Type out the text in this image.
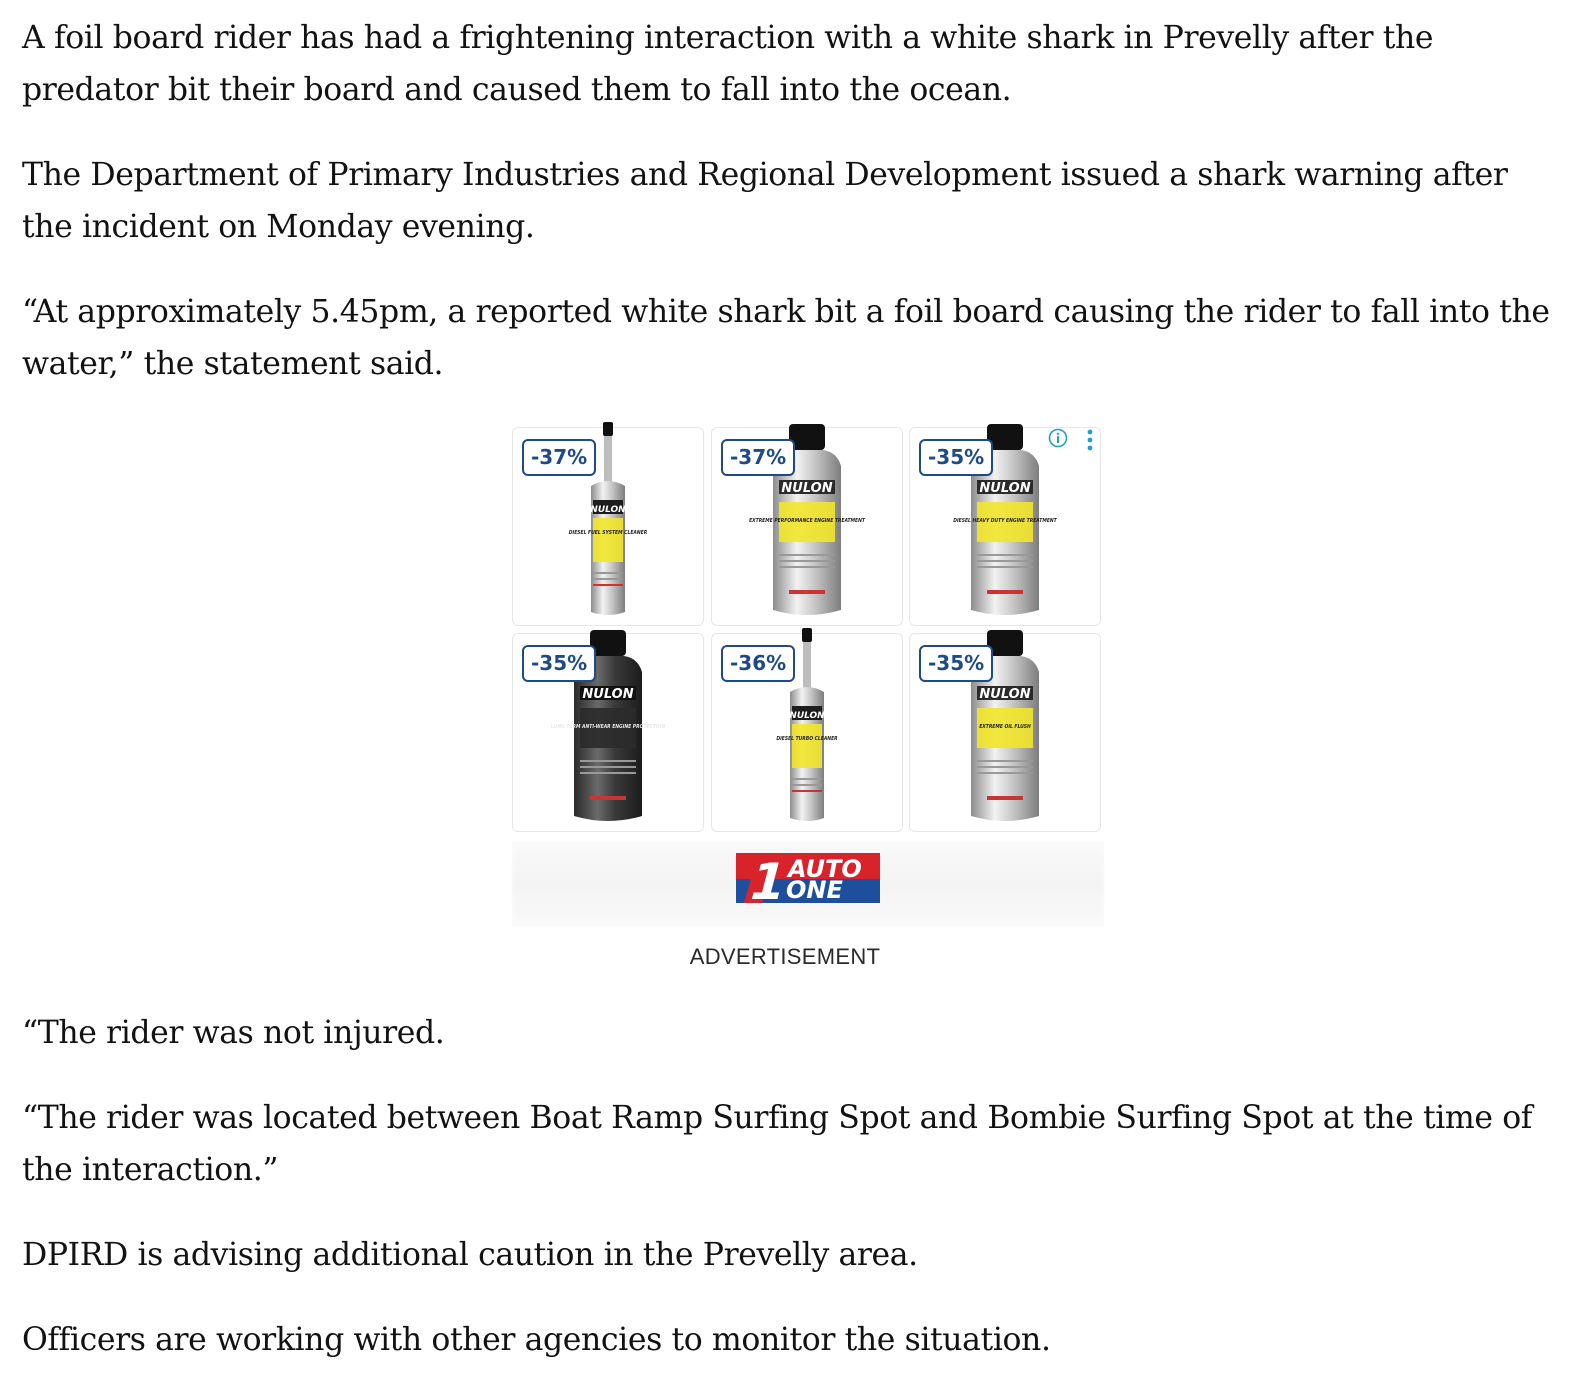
A foil board rider has had a frightening interaction with a white shark in Prevelly after the predator bit their board and caused them to fall into the ocean.

The Department of Primary Industries and Regional Development issued a shark warning after the incident on Monday evening.

“At approximately 5.45pm, a reported white shark bit a foil board causing the rider to fall into the water,” the statement said.

“The rider was not injured.

“The rider was located between Boat Ramp Surfing Spot and Bombie Surfing Spot at the time of the interaction.”

DPIRD is advising additional caution in the Prevelly area.

Officers are working with other agencies to monitor the situation.

-37%
NULON
DIESEL FUEL SYSTEM CLEANER
-37%
NULON
EXTREME PERFORMANCE ENGINE TREATMENT
-35%
NULON
DIESEL HEAVY DUTY ENGINE TREATMENT
-35%
NULON
LONG TERM ANTI-WEAR ENGINE PROTECTION
-36%
NULON
DIESEL TURBO CLEANER
-35%
NULON
EXTREME OIL FLUSH
1 AUTO
ONE
ADVERTISEMENT
